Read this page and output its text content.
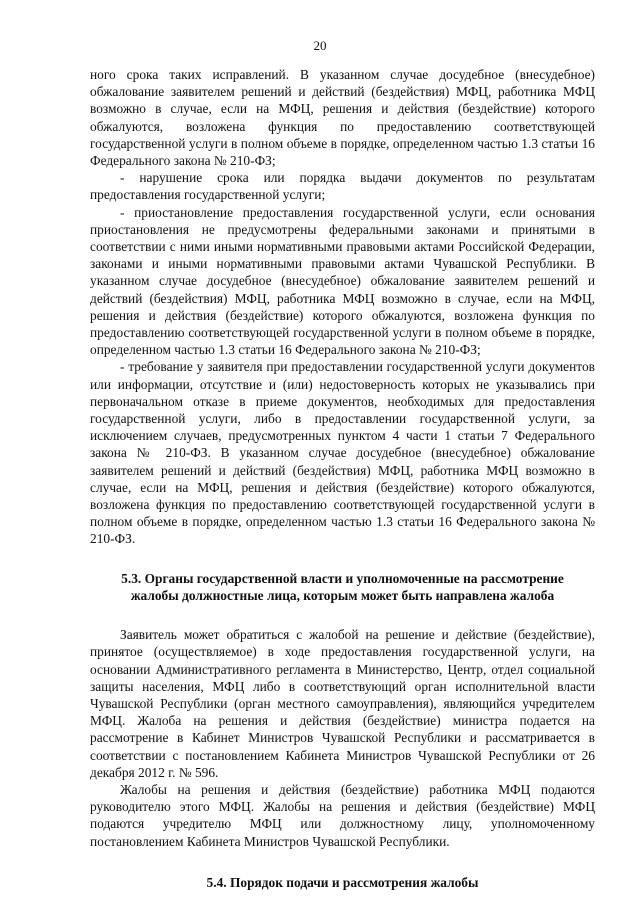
20

ного срока таких исправлений. В указанном случае досудебное (внесудебное) обжалование заявителем решений и действий (бездействия) МФЦ, работника МФЦ возможно в случае, если на МФЦ, решения и действия (бездействие) которого обжалуются, возложена функция по предоставлению соответствующей государственной услуги в полном объеме в порядке, определенном частью 1.3 статьи 16 Федерального закона № 210-ФЗ;

- нарушение срока или порядка выдачи документов по результатам предоставления государственной услуги;

- приостановление предоставления государственной услуги, если основания приостановления не предусмотрены федеральными законами и принятыми в соответствии с ними иными нормативными правовыми актами Российской Федерации, законами и иными нормативными правовыми актами Чувашской Республики. В указанном случае досудебное (внесудебное) обжалование заявителем решений и действий (бездействия) МФЦ, работника МФЦ возможно в случае, если на МФЦ, решения и действия (бездействие) которого обжалуются, возложена функция по предоставлению соответствующей государственной услуги в полном объеме в порядке, определенном частью 1.3 статьи 16 Федерального закона № 210-ФЗ;

- требование у заявителя при предоставлении государственной услуги документов или информации, отсутствие и (или) недостоверность которых не указывались при первоначальном отказе в приеме документов, необходимых для предоставления государственной услуги, либо в предоставлении государственной услуги, за исключением случаев, предусмотренных пунктом 4 части 1 статьи 7 Федерального закона № 210-ФЗ. В указанном случае досудебное (внесудебное) обжалование заявителем решений и действий (бездействия) МФЦ, работника МФЦ возможно в случае, если на МФЦ, решения и действия (бездействие) которого обжалуются, возложена функция по предоставлению соответствующей государственной услуги в полном объеме в порядке, определенном частью 1.3 статьи 16 Федерального закона № 210-ФЗ.

5.3. Органы государственной власти и уполномоченные на рассмотрение
жалобы должностные лица, которым может быть направлена жалоба

Заявитель может обратиться с жалобой на решение и действие (бездействие), принятое (осуществляемое) в ходе предоставления государственной услуги, на основании Административного регламента в Министерство, Центр, отдел социальной защиты населения, МФЦ либо в соответствующий орган исполнительной власти Чувашской Республики (орган местного самоуправления), являющийся учредителем МФЦ. Жалоба на решения и действия (бездействие) министра подается на рассмотрение в Кабинет Министров Чувашской Республики и рассматривается в соответствии с постановлением Кабинета Министров Чувашской Республики от 26 декабря 2012 г. № 596.

Жалобы на решения и действия (бездействие) работника МФЦ подаются руководителю этого МФЦ. Жалобы на решения и действия (бездействие) МФЦ подаются учредителю МФЦ или должностному лицу, уполномоченному постановлением Кабинета Министров Чувашской Республики.

5.4. Порядок подачи и рассмотрения жалобы
